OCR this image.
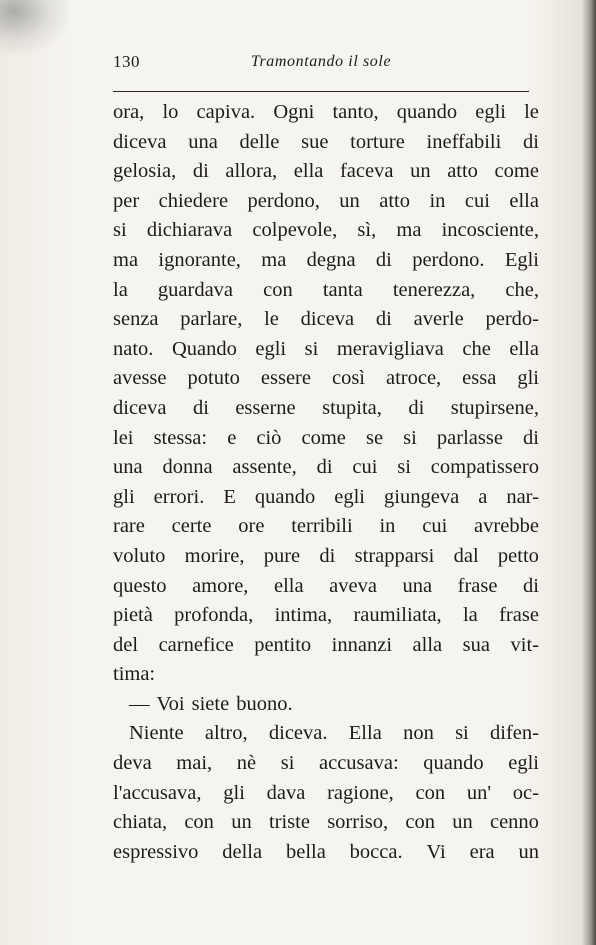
130	Tramontando il sole
ora, lo capiva. Ogni tanto, quando egli le
diceva una delle sue torture ineffabili di
gelosia, di allora, ella faceva un atto come
per chiedere perdono, un atto in cui ella
si dichiarava colpevole, sì, ma incosciente,
ma ignorante, ma degna di perdono. Egli
la guardava con tanta tenerezza, che,
senza parlare, le diceva di averle perdo-
nato. Quando egli si meravigliava che ella
avesse potuto essere così atroce, essa gli
diceva di esserne stupita, di stupirsene,
lei stessa: e ciò come se si parlasse di
una donna assente, di cui si compatissero
gli errori. E quando egli giungeva a nar-
rare certe ore terribili in cui avrebbe
voluto morire, pure di strapparsi dal petto
questo amore, ella aveva una frase di
pietà profonda, intima, raumiliata, la frase
del carnefice pentito innanzi alla sua vit-
tima:
— Voi siete buono.
Niente altro, diceva. Ella non si difen-
deva mai, nè si accusava: quando egli
l'accusava, gli dava ragione, con un' oc-
chiata, con un triste sorriso, con un cenno
espressivo della bella bocca. Vi era un
